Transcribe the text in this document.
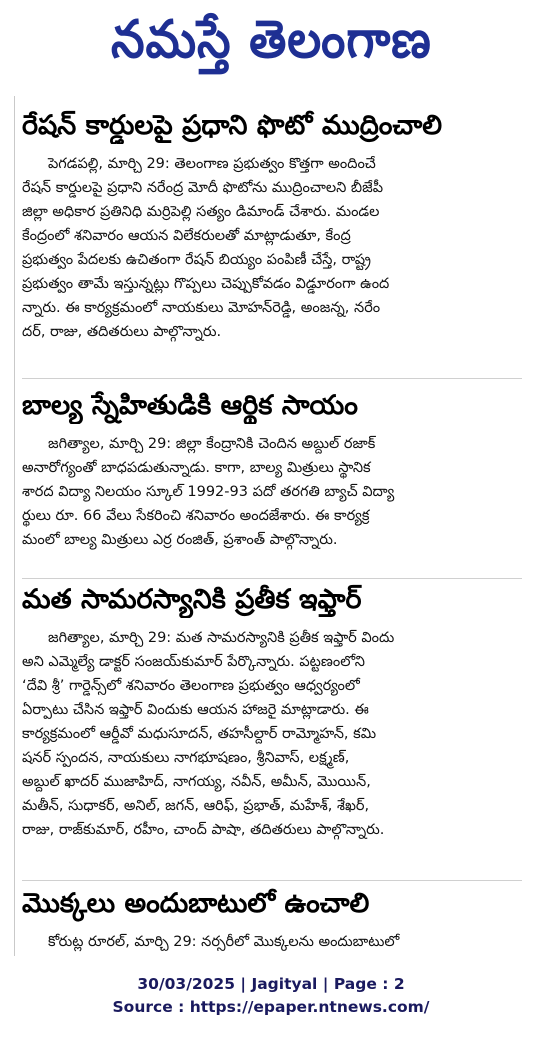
నమస్తే తెలంగాణ
రేషన్ కార్డులపై ప్రధాని ఫొటో ముద్రించాలి
పెగడపల్లి, మార్చి 29: తెలంగాణ ప్రభుత్వం కొత్తగా అందించే
రేషన్ కార్డులపై ప్రధాని నరేంద్ర మోదీ ఫొటోను ముద్రించాలని బీజేపీ
జిల్లా అధికార ప్రతినిధి మర్రిపెల్లి సత్యం డిమాండ్ చేశారు. మండల
కేంద్రంలో శనివారం ఆయన విలేకరులతో మాట్లాడుతూ, కేంద్ర
ప్రభుత్వం పేదలకు ఉచితంగా రేషన్ బియ్యం పంపిణీ చేస్తే, రాష్ట్ర
ప్రభుత్వం తామే ఇస్తున్నట్లు గొప్పలు చెప్పుకోవడం విడ్డూరంగా ఉంద
న్నారు. ఈ కార్యక్రమంలో నాయకులు మోహన్‌రెడ్డి, అంజన్న, నరేం
దర్, రాజు, తదితరులు పాల్గొన్నారు.
బాల్య స్నేహితుడికి ఆర్థిక సాయం
జగిత్యాల, మార్చి 29: జిల్లా కేంద్రానికి చెందిన అబ్దుల్ రజాక్
అనారోగ్యంతో బాధపడుతున్నాడు. కాగా, బాల్య మిత్రులు స్థానిక
శారద విద్యా నిలయం స్కూల్ 1992-93 పదో తరగతి బ్యాచ్ విద్యా
ర్థులు రూ. 66 వేలు సేకరించి శనివారం అందజేశారు. ఈ కార్యక్ర
మంలో బాల్య మిత్రులు ఎర్ర రంజిత్, ప్రశాంత్ పాల్గొన్నారు.
మత సామరస్యానికి ప్రతీక ఇఫ్తార్
జగిత్యాల, మార్చి 29: మత సామరస్యానికి ప్రతీక ఇఫ్తార్ విందు
అని ఎమ్మెల్యే డాక్టర్ సంజయ్‌కుమార్ పేర్కొన్నారు. పట్టణంలోని
‘దేవి శ్రీ’ గార్డెన్స్‌లో శనివారం తెలంగాణ ప్రభుత్వం ఆధ్వర్యంలో
ఏర్పాటు చేసిన ఇఫ్తార్ విందుకు ఆయన హాజరై మాట్లాడారు. ఈ
కార్యక్రమంలో ఆర్డీవో మధుసూదన్, తహసీల్దార్ రామ్మోహన్, కమి
షనర్ స్పందన, నాయకులు నాగభూషణం, శ్రీనివాస్, లక్ష్మణ్,
అబ్దుల్ ఖాదర్ ముజాహిద్, నాగయ్య, నవీన్, అమీన్, మొయిన్,
మతీన్, సుధాకర్, అనిల్, జగన్, ఆరిఫ్, ప్రభాత్, మహేశ్, శేఖర్,
రాజు, రాజ్‌కుమార్, రహీం, చాంద్ పాషా, తదితరులు పాల్గొన్నారు.
మొక్కలు అందుబాటులో ఉంచాలి
కోరుట్ల రూరల్, మార్చి 29: నర్సరీలో మొక్కలను అందుబాటులో
30/03/2025 | Jagityal | Page : 2
Source : https://epaper.ntnews.com/
